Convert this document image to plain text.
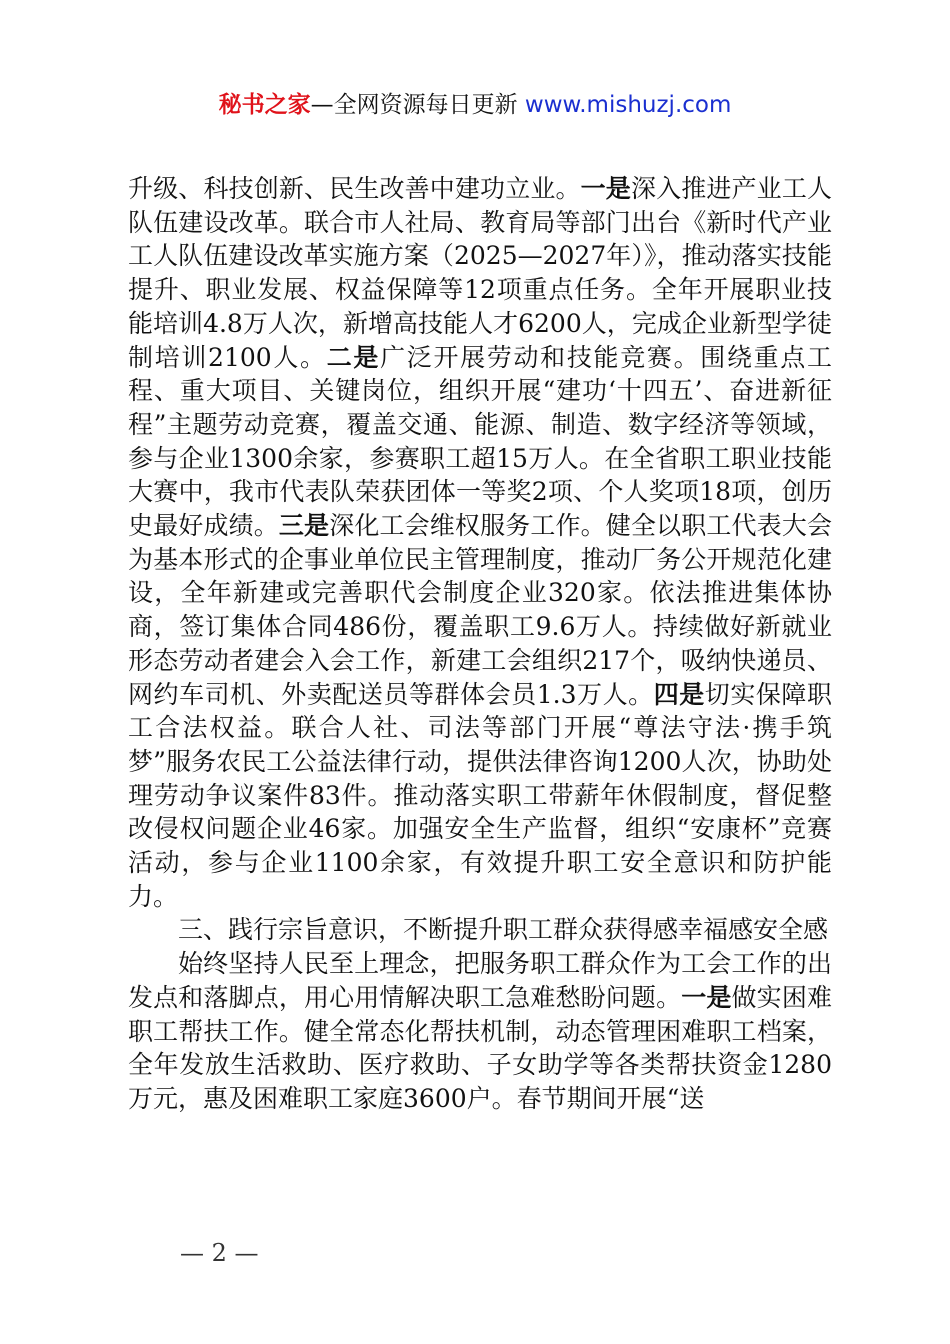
秘书之家—全网资源每日更新 www.mishuzj.com

升级、科技创新、民生改善中建功立业。一是深入推进产业工人队伍建设改革。联合市人社局、教育局等部门出台《新时代产业工人队伍建设改革实施方案（2025—2027年）》，推动落实技能提升、职业发展、权益保障等12项重点任务。全年开展职业技能培训4.8万人次，新增高技能人才6200人，完成企业新型学徒制培训2100人。二是广泛开展劳动和技能竞赛。围绕重点工程、重大项目、关键岗位，组织开展“建功‘十四五’、奋进新征程”主题劳动竞赛，覆盖交通、能源、制造、数字经济等领域，参与企业1300余家，参赛职工超15万人。在全省职工职业技能大赛中，我市代表队荣获团体一等奖2项、个人奖项18项，创历史最好成绩。三是深化工会维权服务工作。健全以职工代表大会为基本形式的企事业单位民主管理制度，推动厂务公开规范化建设，全年新建或完善职代会制度企业320家。依法推进集体协商，签订集体合同486份，覆盖职工9.6万人。持续做好新就业形态劳动者建会入会工作，新建工会组织217个，吸纳快递员、网约车司机、外卖配送员等群体会员1.3万人。四是切实保障职工合法权益。联合人社、司法等部门开展“尊法守法·携手筑梦”服务农民工公益法律行动，提供法律咨询1200人次，协助处理劳动争议案件83件。推动落实职工带薪年休假制度，督促整改侵权问题企业46家。加强安全生产监督，组织“安康杯”竞赛活动，参与企业1100余家，有效提升职工安全意识和防护能力。

三、践行宗旨意识，不断提升职工群众获得感幸福感安全感

始终坚持人民至上理念，把服务职工群众作为工会工作的出发点和落脚点，用心用情解决职工急难愁盼问题。一是做实困难职工帮扶工作。健全常态化帮扶机制，动态管理困难职工档案，全年发放生活救助、医疗救助、子女助学等各类帮扶资金1280万元，惠及困难职工家庭3600户。春节期间开展“送

— 2 —
